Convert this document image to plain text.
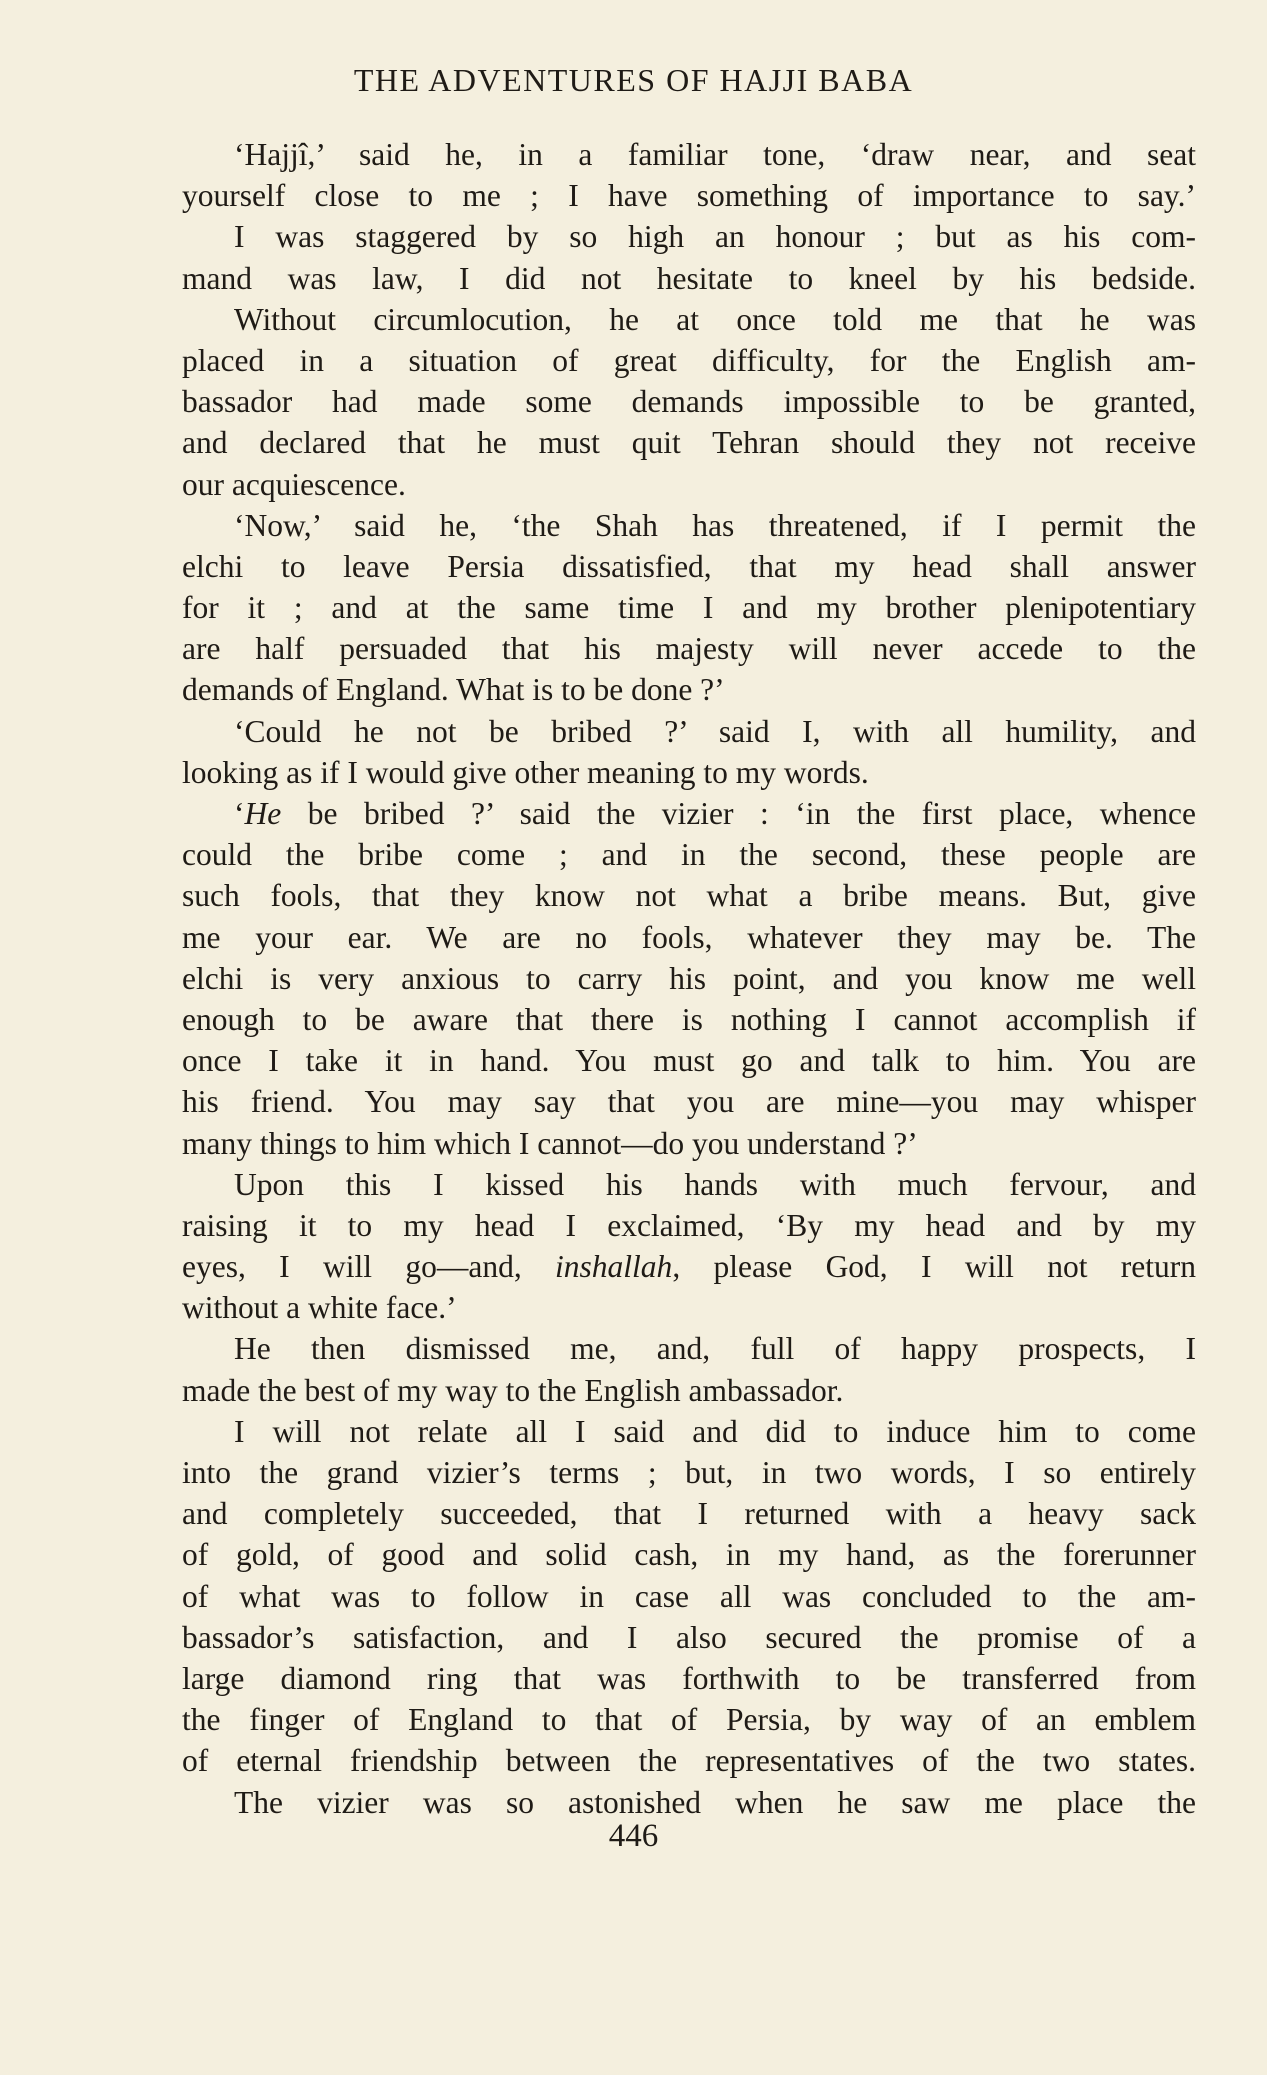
THE ADVENTURES OF HAJJI BABA
‘Hajjî,’ said he, in a familiar tone, ‘draw near, and seat
yourself close to me ; I have something of importance to say.’
I was staggered by so high an honour ; but as his com-
mand was law, I did not hesitate to kneel by his bedside.
Without circumlocution, he at once told me that he was
placed in a situation of great difficulty, for the English am-
bassador had made some demands impossible to be granted,
and declared that he must quit Tehran should they not receive
our acquiescence.
‘Now,’ said he, ‘the Shah has threatened, if I permit the
elchi to leave Persia dissatisfied, that my head shall answer
for it ; and at the same time I and my brother plenipotentiary
are half persuaded that his majesty will never accede to the
demands of England. What is to be done ?’
‘Could he not be bribed ?’ said I, with all humility, and
looking as if I would give other meaning to my words.
‘He be bribed ?’ said the vizier : ‘in the first place, whence
could the bribe come ; and in the second, these people are
such fools, that they know not what a bribe means. But, give
me your ear. We are no fools, whatever they may be. The
elchi is very anxious to carry his point, and you know me well
enough to be aware that there is nothing I cannot accomplish if
once I take it in hand. You must go and talk to him. You are
his friend. You may say that you are mine—you may whisper
many things to him which I cannot—do you understand ?’
Upon this I kissed his hands with much fervour, and
raising it to my head I exclaimed, ‘By my head and by my
eyes, I will go—and, inshallah, please God, I will not return
without a white face.’
He then dismissed me, and, full of happy prospects, I
made the best of my way to the English ambassador.
I will not relate all I said and did to induce him to come
into the grand vizier’s terms ; but, in two words, I so entirely
and completely succeeded, that I returned with a heavy sack
of gold, of good and solid cash, in my hand, as the forerunner
of what was to follow in case all was concluded to the am-
bassador’s satisfaction, and I also secured the promise of a
large diamond ring that was forthwith to be transferred from
the finger of England to that of Persia, by way of an emblem
of eternal friendship between the representatives of the two states.
The vizier was so astonished when he saw me place the
446
